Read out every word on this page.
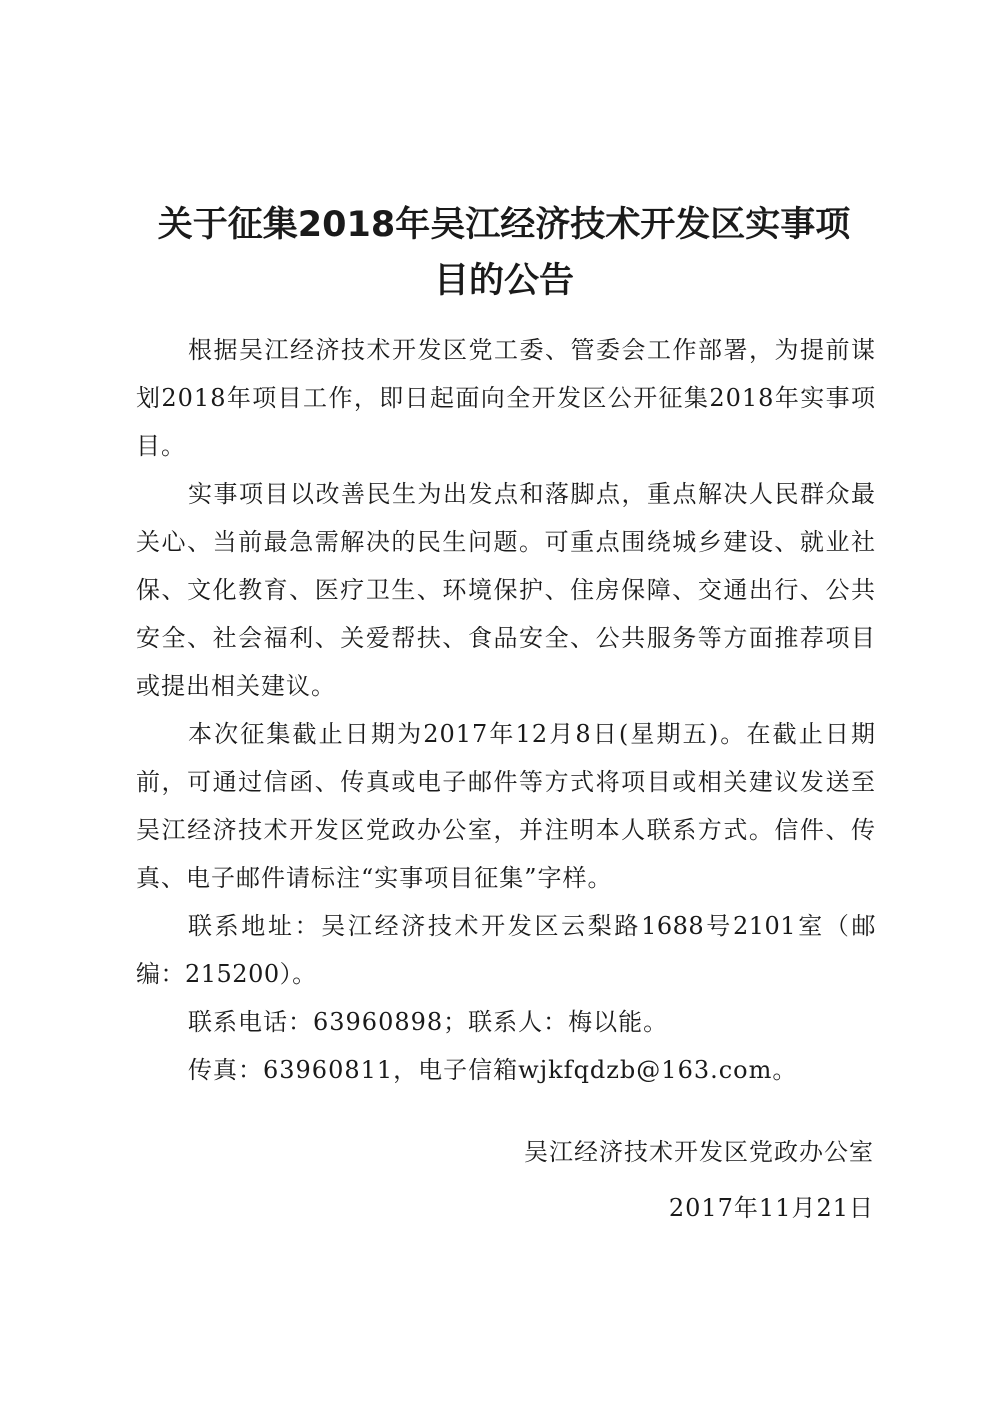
关于征集2018年吴江经济技术开发区实事项
目的公告

根据吴江经济技术开发区党工委、管委会工作部署，为提前谋划2018年项目工作，即日起面向全开发区公开征集2018年实事项目。

实事项目以改善民生为出发点和落脚点，重点解决人民群众最关心、当前最急需解决的民生问题。可重点围绕城乡建设、就业社保、文化教育、医疗卫生、环境保护、住房保障、交通出行、公共安全、社会福利、关爱帮扶、食品安全、公共服务等方面推荐项目或提出相关建议。

本次征集截止日期为2017年12月8日(星期五)。在截止日期前，可通过信函、传真或电子邮件等方式将项目或相关建议发送至吴江经济技术开发区党政办公室，并注明本人联系方式。信件、传真、电子邮件请标注“实事项目征集”字样。

联系地址：吴江经济技术开发区云梨路1688号2101室（邮编：215200）。

联系电话：63960898；联系人：梅以能。

传真：63960811，电子信箱wjkfqdzb@163.com。

吴江经济技术开发区党政办公室
2017年11月21日
